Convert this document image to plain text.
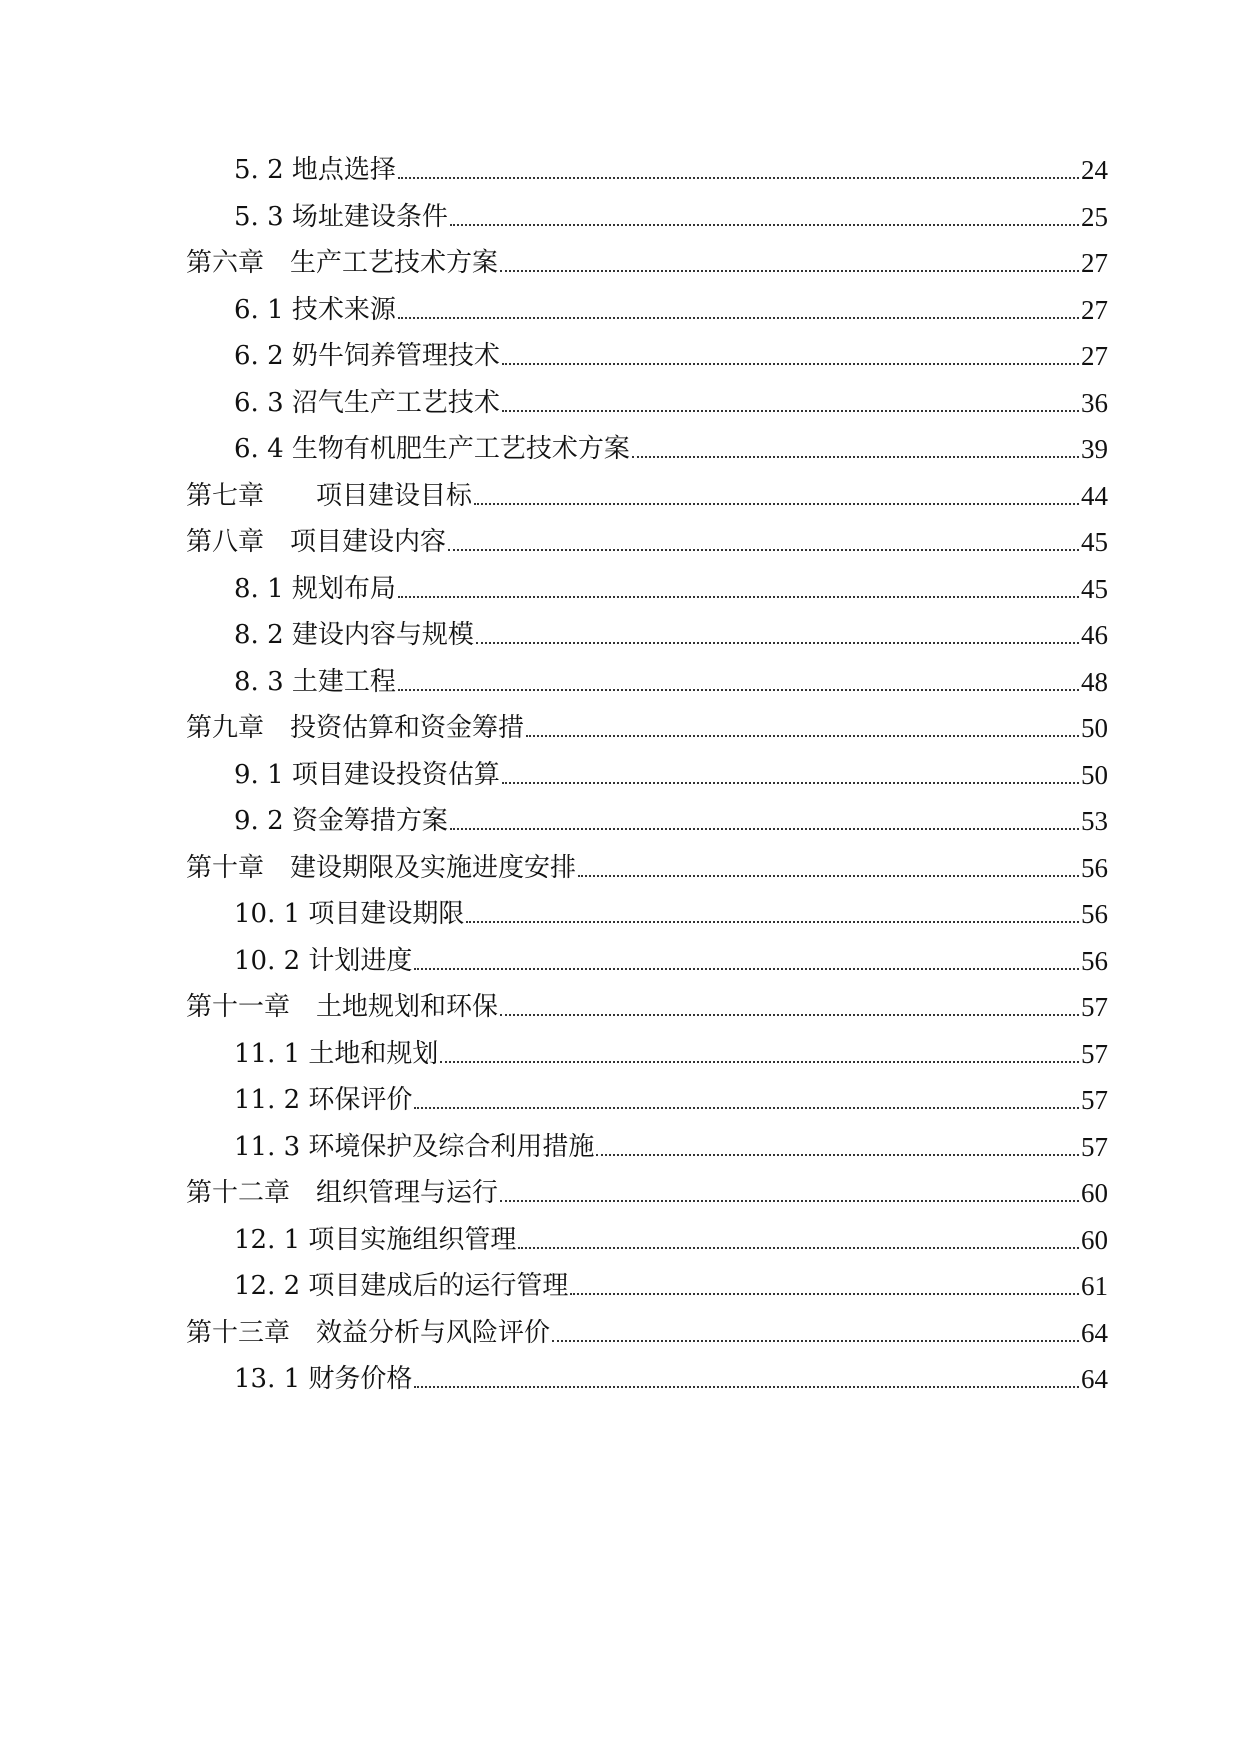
5. 2 地点选择	24
5. 3 场址建设条件	25
第六章　生产工艺技术方案	27
6. 1 技术来源	27
6. 2 奶牛饲养管理技术	27
6. 3 沼气生产工艺技术	36
6. 4 生物有机肥生产工艺技术方案	39
第七章　　项目建设目标	44
第八章　项目建设内容	45
8. 1 规划布局	45
8. 2 建设内容与规模	46
8. 3 土建工程	48
第九章　投资估算和资金筹措	50
9. 1 项目建设投资估算	50
9. 2 资金筹措方案	53
第十章　建设期限及实施进度安排	56
10. 1 项目建设期限	56
10. 2 计划进度	56
第十一章　土地规划和环保	57
11. 1 土地和规划	57
11. 2 环保评价	57
11. 3 环境保护及综合利用措施	57
第十二章　组织管理与运行	60
12. 1 项目实施组织管理	60
12. 2 项目建成后的运行管理	61
第十三章　效益分析与风险评价	64
13. 1 财务价格	64
